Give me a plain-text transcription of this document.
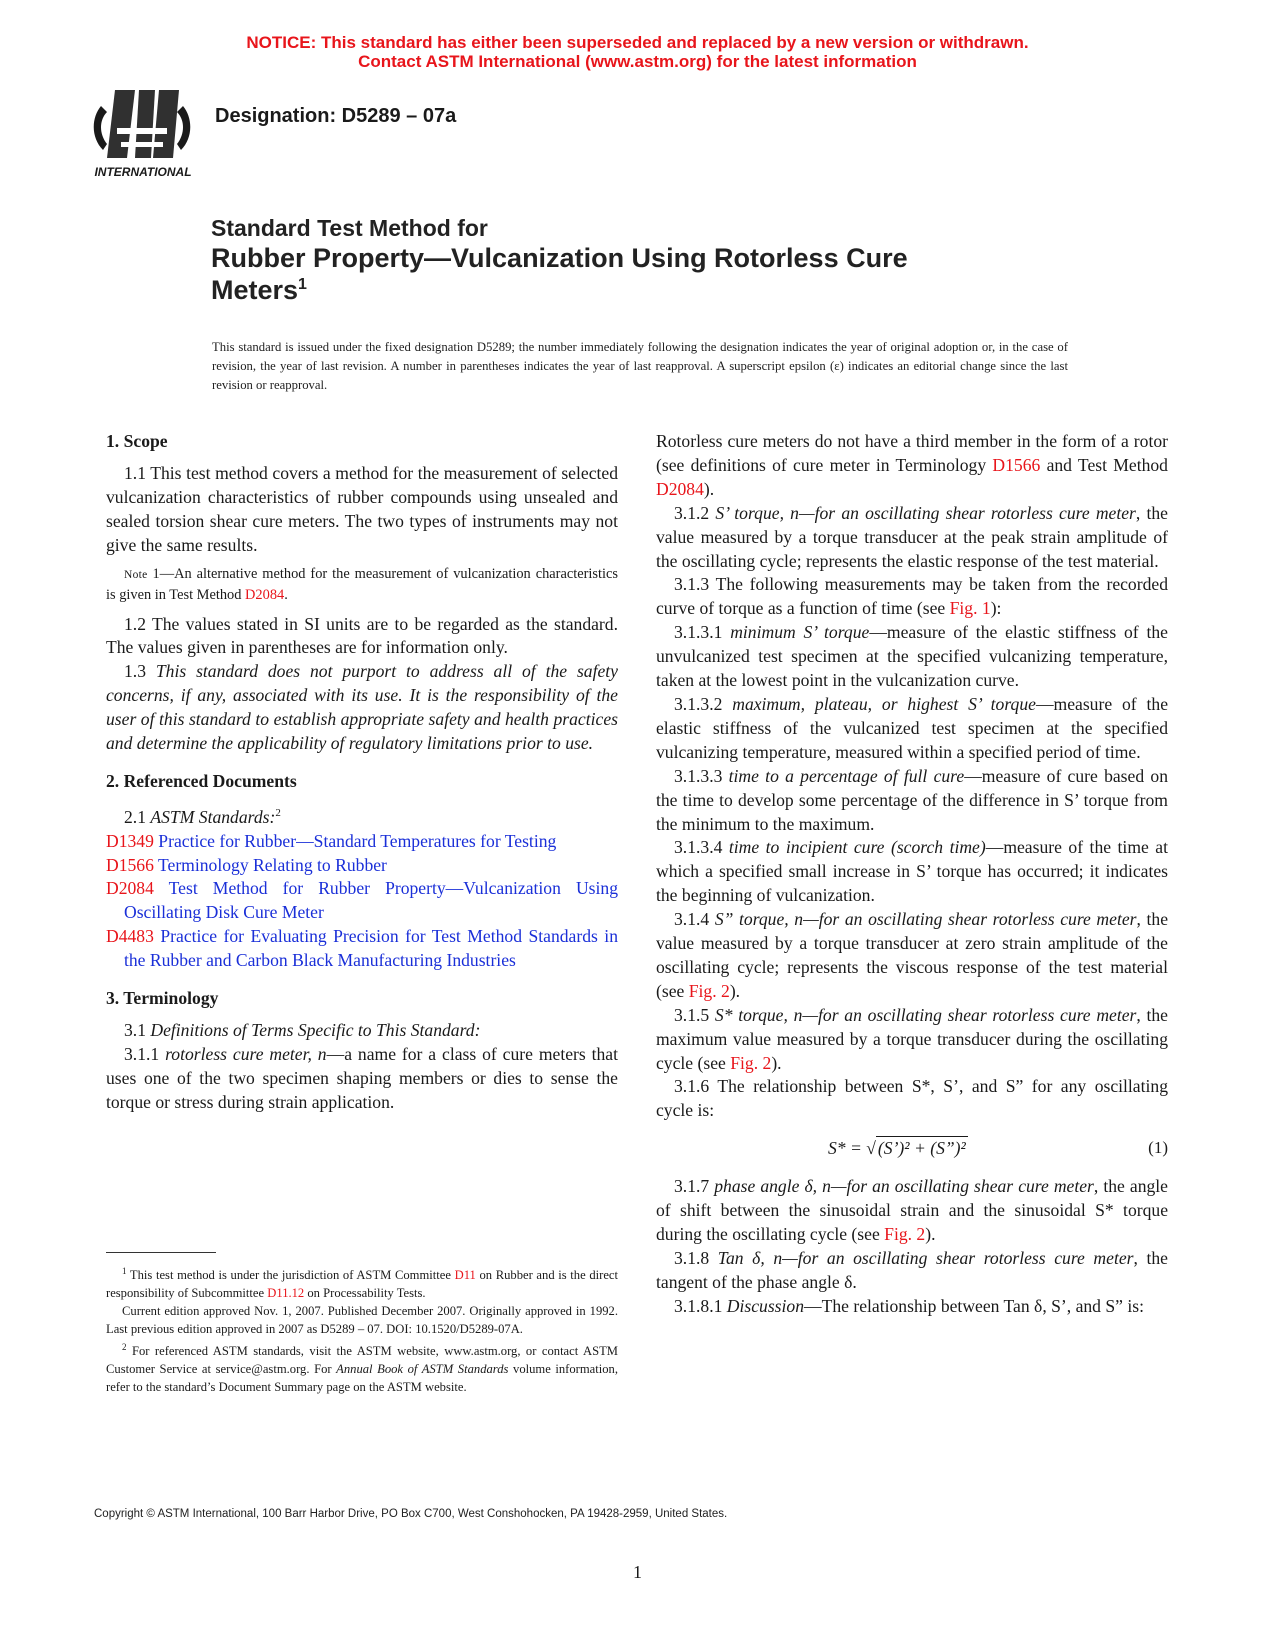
NOTICE: This standard has either been superseded and replaced by a new version or withdrawn.
Contact ASTM International (www.astm.org) for the latest information
INTERNATIONAL
Designation: D5289 – 07a
Standard Test Method for
Rubber Property—Vulcanization Using Rotorless Cure
Meters$^1$
This standard is issued under the fixed designation D5289; the number immediately following the designation indicates the year of original adoption or, in the case of revision, the year of last revision. A number in parentheses indicates the year of last reapproval. A superscript epsilon (ε) indicates an editorial change since the last revision or reapproval.
1. Scope

1.1 This test method covers a method for the measurement of selected vulcanization characteristics of rubber compounds using unsealed and sealed torsion shear cure meters. The two types of instruments may not give the same results.

Note 1—An alternative method for the measurement of vulcanization characteristics is given in Test Method D2084.

1.2 The values stated in SI units are to be regarded as the standard. The values given in parentheses are for information only.

1.3 This standard does not purport to address all of the safety concerns, if any, associated with its use. It is the responsibility of the user of this standard to establish appropriate safety and health practices and determine the applicability of regulatory limitations prior to use.

2. Referenced Documents

2.1 ASTM Standards:$^2$

D1349 Practice for Rubber—Standard Temperatures for Testing
D1566 Terminology Relating to Rubber
D2084 Test Method for Rubber Property—Vulcanization Using Oscillating Disk Cure Meter
D4483 Practice for Evaluating Precision for Test Method Standards in the Rubber and Carbon Black Manufacturing Industries
3. Terminology

3.1 Definitions of Terms Specific to This Standard:

3.1.1 rotorless cure meter, n—a name for a class of cure meters that uses one of the two specimen shaping members or dies to sense the torque or stress during strain application.

$^1$ This test method is under the jurisdiction of ASTM Committee D11 on Rubber and is the direct responsibility of Subcommittee D11.12 on Processability Tests.

Current edition approved Nov. 1, 2007. Published December 2007. Originally approved in 1992. Last previous edition approved in 2007 as D5289 – 07. DOI: 10.1520/D5289-07A.

$^2$ For referenced ASTM standards, visit the ASTM website, www.astm.org, or contact ASTM Customer Service at service@astm.org. For Annual Book of ASTM Standards volume information, refer to the standard’s Document Summary page on the ASTM website.

Rotorless cure meters do not have a third member in the form of a rotor (see definitions of cure meter in Terminology D1566 and Test Method D2084).

3.1.2 S’ torque, n—for an oscillating shear rotorless cure meter, the value measured by a torque transducer at the peak strain amplitude of the oscillating cycle; represents the elastic response of the test material.

3.1.3 The following measurements may be taken from the recorded curve of torque as a function of time (see Fig. 1):

3.1.3.1 minimum S’ torque—measure of the elastic stiffness of the unvulcanized test specimen at the specified vulcanizing temperature, taken at the lowest point in the vulcanization curve.

3.1.3.2 maximum, plateau, or highest S’ torque—measure of the elastic stiffness of the vulcanized test specimen at the specified vulcanizing temperature, measured within a specified period of time.

3.1.3.3 time to a percentage of full cure—measure of cure based on the time to develop some percentage of the difference in S’ torque from the minimum to the maximum.

3.1.3.4 time to incipient cure (scorch time)—measure of the time at which a specified small increase in S’ torque has occurred; it indicates the beginning of vulcanization.

3.1.4 S” torque, n—for an oscillating shear rotorless cure meter, the value measured by a torque transducer at zero strain amplitude of the oscillating cycle; represents the viscous response of the test material (see Fig. 2).

3.1.5 S* torque, n—for an oscillating shear rotorless cure meter, the maximum value measured by a torque transducer during the oscillating cycle (see Fig. 2).

3.1.6 The relationship between S*, S’, and S” for any oscillating cycle is:

S* = √ (S’)² + (S”)²	(1)

3.1.7 phase angle δ, n—for an oscillating shear cure meter, the angle of shift between the sinusoidal strain and the sinusoidal S* torque during the oscillating cycle (see Fig. 2).

3.1.8 Tan δ, n—for an oscillating shear rotorless cure meter, the tangent of the phase angle δ.

3.1.8.1 Discussion—The relationship between Tan δ, S’, and S” is:

Copyright © ASTM International, 100 Barr Harbor Drive, PO Box C700, West Conshohocken, PA 19428-2959, United States.
1
